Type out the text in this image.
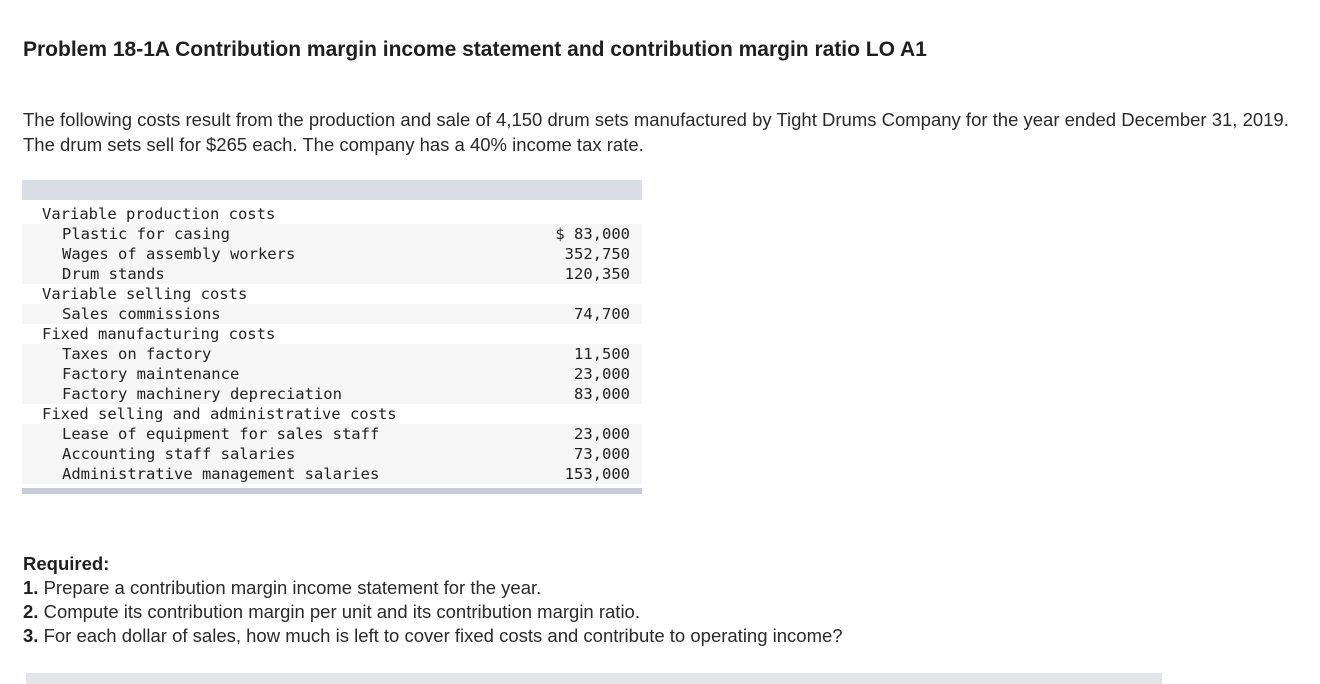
Problem 18-1A Contribution margin income statement and contribution margin ratio LO A1
The following costs result from the production and sale of 4,150 drum sets manufactured by Tight Drums Company for the year ended December 31, 2019. The drum sets sell for $265 each. The company has a 40% income tax rate.
Variable production costs	
Plastic for casing	$ 83,000
Wages of assembly workers	352,750
Drum stands	120,350
Variable selling costs	
Sales commissions	74,700
Fixed manufacturing costs	
Taxes on factory	11,500
Factory maintenance	23,000
Factory machinery depreciation	83,000
Fixed selling and administrative costs	
Lease of equipment for sales staff	23,000
Accounting staff salaries	73,000
Administrative management salaries	153,000
Required:
1. Prepare a contribution margin income statement for the year.
2. Compute its contribution margin per unit and its contribution margin ratio.
3. For each dollar of sales, how much is left to cover fixed costs and contribute to operating income?
